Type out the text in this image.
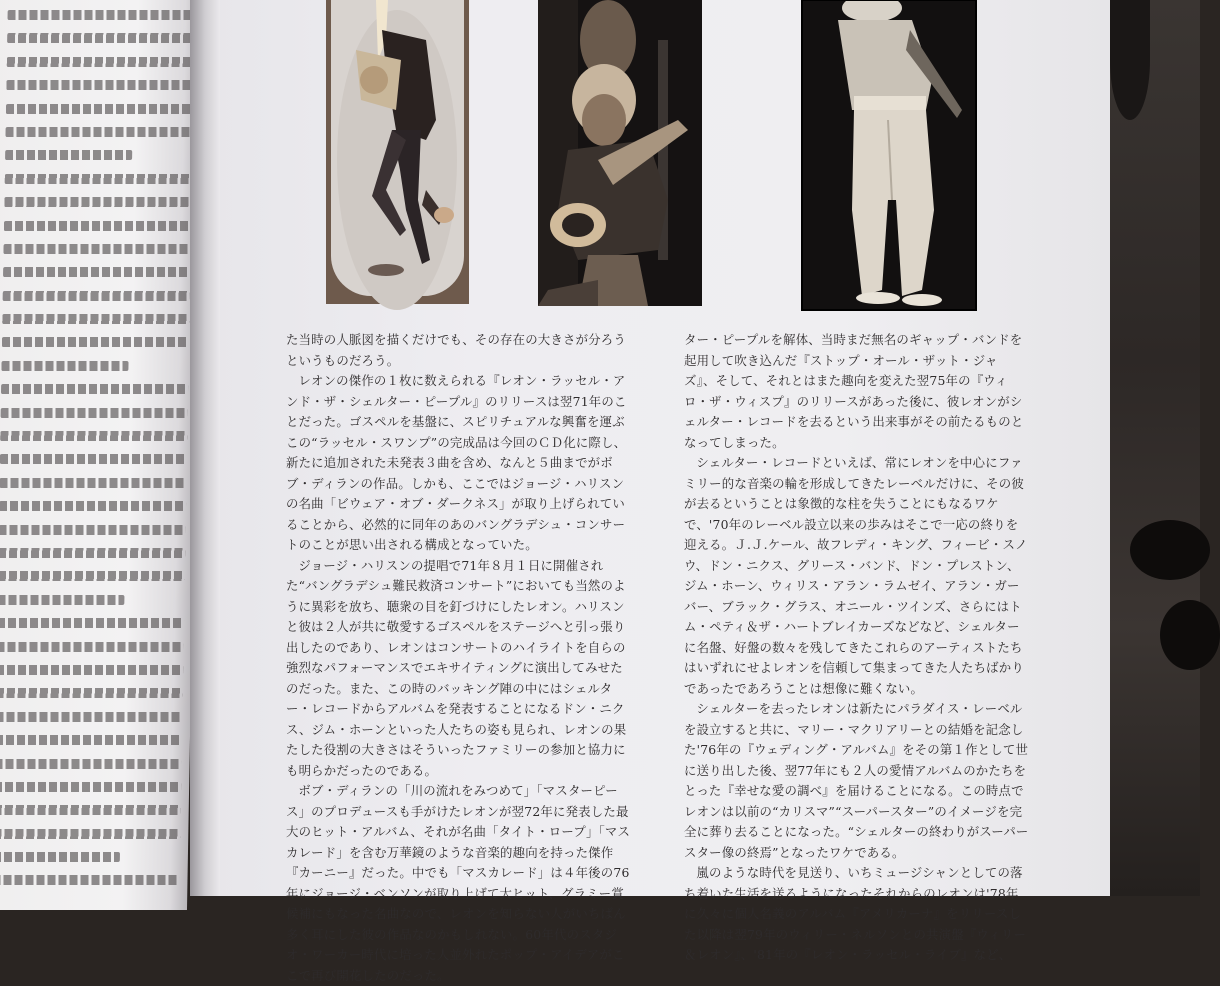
た当時の人脈図を描くだけでも、その存在の大きさが分ろうというものだろう。

レオンの傑作の１枚に数えられる『レオン・ラッセル・アンド・ザ・シェルター・ピープル』のリリースは翌71年のことだった。ゴスペルを基盤に、スピリチュアルな興奮を運ぶこの“ラッセル・スワンプ”の完成品は今回のＣＤ化に際し、新たに追加された未発表３曲を含め、なんと５曲までがボブ・ディランの作品。しかも、ここではジョージ・ハリスンの名曲「ビウェア・オブ・ダークネス」が取り上げられていることから、必然的に同年のあのバングラデシュ・コンサートのことが思い出される構成となっていた。

ジョージ・ハリスンの提唱で71年８月１日に開催された“バングラデシュ難民救済コンサート”においても当然のように異彩を放ち、聴衆の目を釘づけにしたレオン。ハリスンと彼は２人が共に敬愛するゴスペルをステージへと引っ張り出したのであり、レオンはコンサートのハイライトを自らの強烈なパフォーマンスでエキサイティングに演出してみせたのだった。また、この時のバッキング陣の中にはシェルター・レコードからアルバムを発表することになるドン・ニクス、ジム・ホーンといった人たちの姿も見られ、レオンの果たした役割の大きさはそういったファミリーの参加と協力にも明らかだったのである。

ボブ・ディランの「川の流れをみつめて」「マスターピース」のプロデュースも手がけたレオンが翌72年に発表した最大のヒット・アルバム、それが名曲「タイト・ロープ」「マスカレード」を含む万華鏡のような音楽的趣向を持った傑作『カーニー』だった。中でも「マスカレード」は４年後の76年にジョージ・ベンソンが取り上げて大ヒット、グラミー賞候補にもなった名曲なので、レオンを知らない人がいちばん多く耳にした彼の作品なのかもしれない。60年代のスタジオ・ワーカー時代に培った人並外れたポップ・アイデアがここで再び開花したのだった。

ター・ピープルを解体、当時まだ無名のギャップ・バンドを起用して吹き込んだ『ストップ・オール・ザット・ジャズ』、そして、それとはまた趣向を変えた翌75年の『ウィロ・ザ・ウィスプ』のリリースがあった後に、彼レオンがシェルター・レコードを去るという出来事がその前たるものとなってしまった。

シェルター・レコードといえば、常にレオンを中心にファミリー的な音楽の輪を形成してきたレーベルだけに、その彼が去るということは象徴的な柱を失うことにもなるワケで、'70年のレーベル設立以来の歩みはそこで一応の終りを迎える。Ｊ.Ｊ.ケール、故フレディ・キング、フィービ・スノウ、ドン・ニクス、グリース・バンド、ドン・プレストン、ジム・ホーン、ウィリス・アラン・ラムゼイ、アラン・ガーバー、ブラック・グラス、オニール・ツインズ、さらにはトム・ペティ＆ザ・ハートブレイカーズなどなど、シェルターに名盤、好盤の数々を残してきたこれらのアーティストたちはいずれにせよレオンを信頼して集まってきた人たちばかりであったであろうことは想像に難くない。

シェルターを去ったレオンは新たにパラダイス・レーベルを設立すると共に、マリー・マクリアリーとの結婚を記念した'76年の『ウェディング・アルバム』をその第１作として世に送り出した後、翌77年にも２人の愛情アルバムのかたちをとった『幸せな愛の調べ』を届けることになる。この時点でレオンは以前の“カリスマ”“スーパースター”のイメージを完全に葬り去ることになった。“シェルターの終わりがスーパースター像の終焉”となったワケである。

嵐のような時代を見送り、いちミュージシャンとしての落ち着いた生活を送るようになったそれからのレオンは'78年に久々に個人名義のアルバム『アメリカーナ』をリリースした以降は翌79年のウィリー・ネルソンとの共演盤『ウィリー＆レオン』、'81年の『レオン・ラッセル・ライブ』など、
